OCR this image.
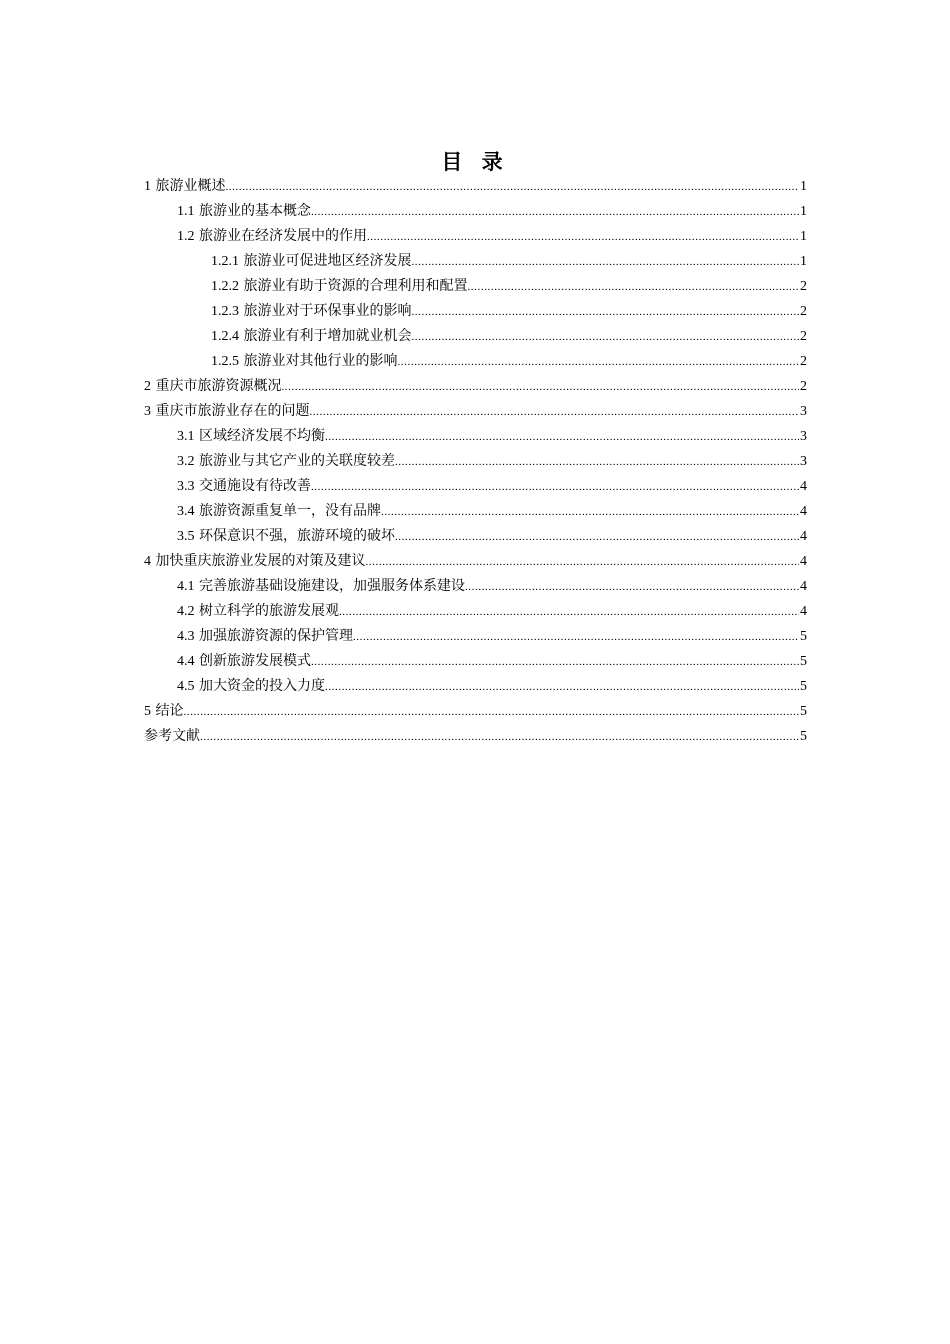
目 录
1 旅游业概述 .....	1
1.1 旅游业的基本概念 .....	1
1.2 旅游业在经济发展中的作用 .....	1
1.2.1 旅游业可促进地区经济发展 .....	1
1.2.2 旅游业有助于资源的合理利用和配置 .....	2
1.2.3 旅游业对于环保事业的影响 .....	2
1.2.4 旅游业有利于增加就业机会 .....	2
1.2.5 旅游业对其他行业的影响 .....	2
2 重庆市旅游资源概况 .....	2
3 重庆市旅游业存在的问题 .....	3
3.1 区域经济发展不均衡 .....	3
3.2 旅游业与其它产业的关联度较差 .....	3
3.3 交通施设有待改善 .....	4
3.4 旅游资源重复单一，没有品牌 .....	4
3.5 环保意识不强，旅游环境的破坏 .....	4
4 加快重庆旅游业发展的对策及建议 .....	4
4.1 完善旅游基础设施建设，加强服务体系建设 .....	4
4.2 树立科学的旅游发展观 .....	4
4.3 加强旅游资源的保护管理 .....	5
4.4 创新旅游发展模式 .....	5
4.5 加大资金的投入力度 .....	5
5 结论 .....	5
参考文献 .....	5
